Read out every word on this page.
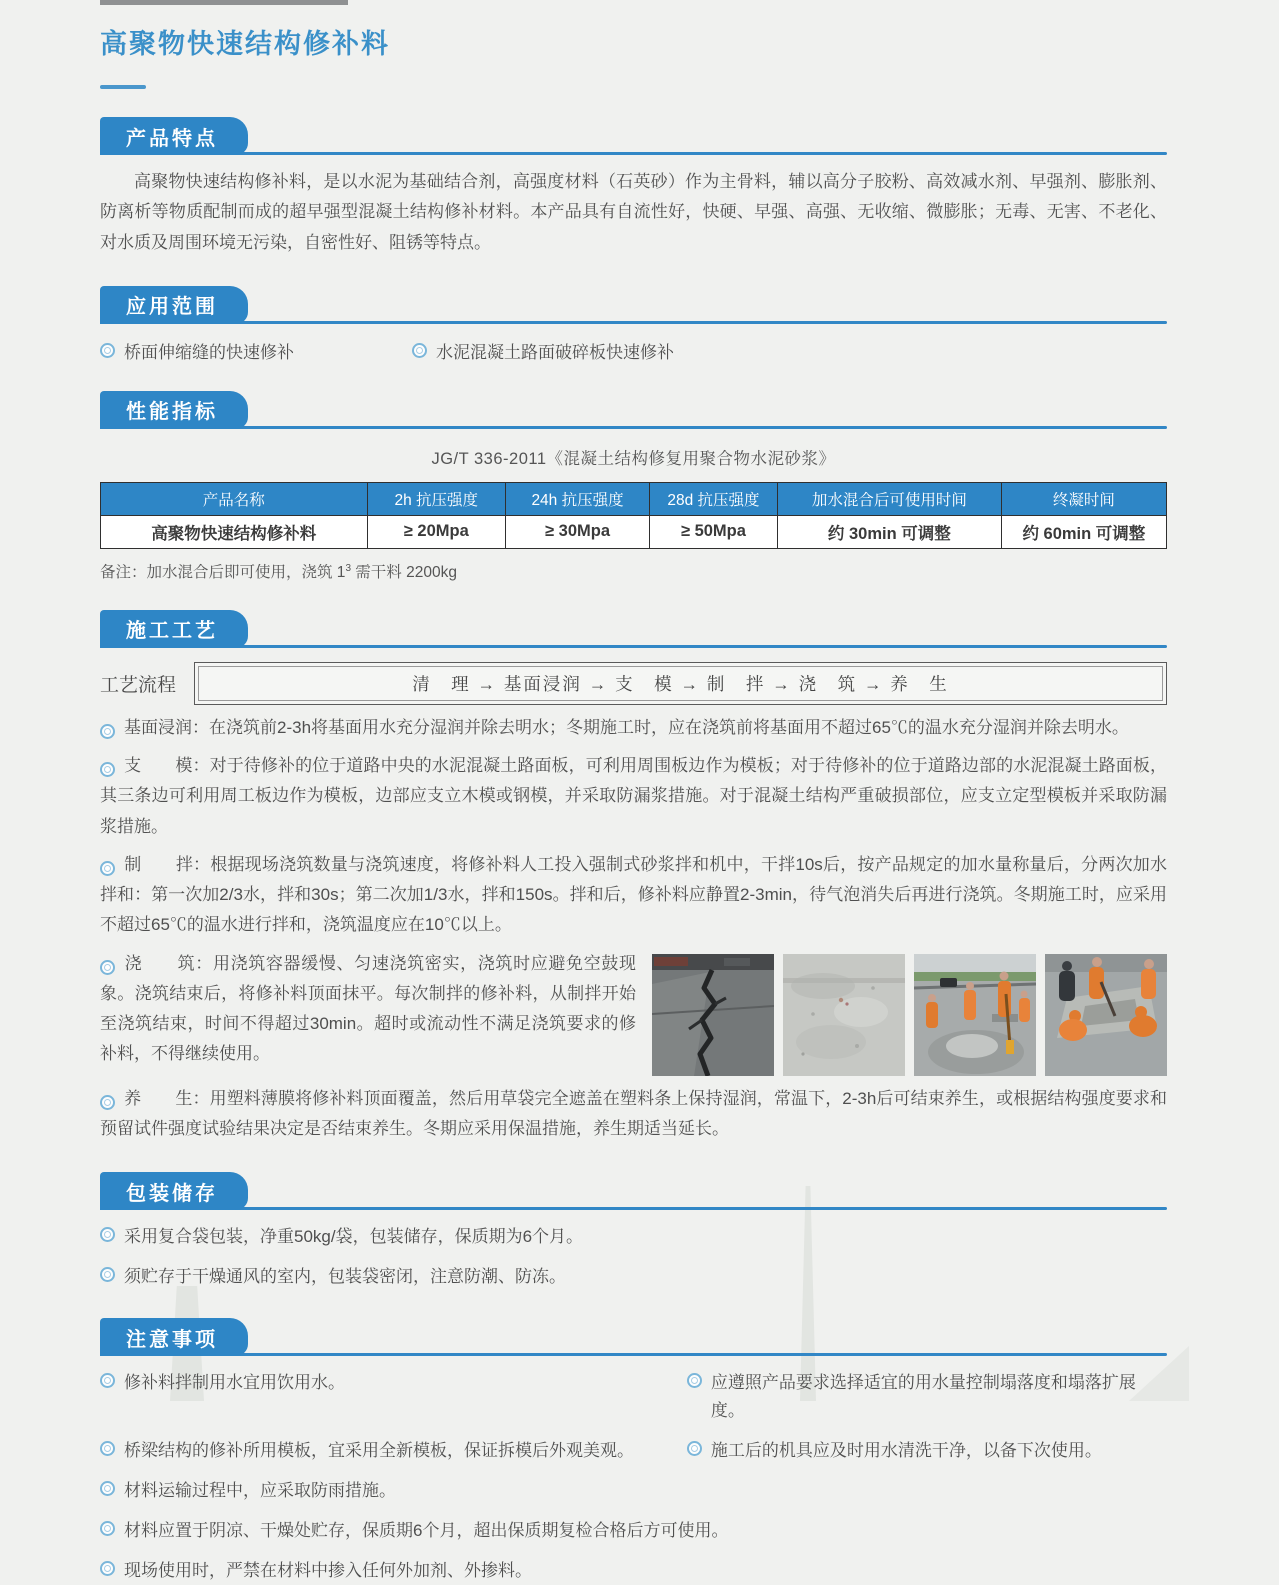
高聚物快速结构修补料
产品特点

高聚物快速结构修补料，是以水泥为基础结合剂，高强度材料（石英砂）作为主骨料，辅以高分子胶粉、高效减水剂、早强剂、膨胀剂、防离析等物质配制而成的超早强型混凝土结构修补材料。本产品具有自流性好，快硬、早强、高强、无收缩、微膨胀；无毒、无害、不老化、对水质及周围环境无污染，自密性好、阻锈等特点。

应用范围
桥面伸缩缝的快速修补	水泥混凝土路面破碎板快速修补
性能指标

JG/T 336-2011《混凝土结构修复用聚合物水泥砂浆》

产品名称	2h 抗压强度	24h 抗压强度	28d 抗压强度	加水混合后可使用时间	终凝时间
高聚物快速结构修补料	≥ 20Mpa	≥ 30Mpa	≥ 50Mpa	约 30min 可调整	约 60min 可调整

备注：加水混合后即可使用，浇筑 $1^3$ 需干料 2200kg

施工工艺
工艺流程	清　理 → 基面浸润 → 支　模 → 制　拌 → 浇　筑 → 养　生

基面浸润：在浇筑前2-3h将基面用水充分湿润并除去明水；冬期施工时，应在浇筑前将基面用不超过65℃的温水充分湿润并除去明水。

支　　模：对于待修补的位于道路中央的水泥混凝土路面板，可利用周围板边作为模板；对于待修补的位于道路边部的水泥混凝土路面板，其三条边可利用周工板边作为模板，边部应支立木模或钢模，并采取防漏浆措施。对于混凝土结构严重破损部位，应支立定型模板并采取防漏浆措施。

制　　拌：根据现场浇筑数量与浇筑速度，将修补料人工投入强制式砂浆拌和机中，干拌10s后，按产品规定的加水量称量后，分两次加水拌和：第一次加2/3水，拌和30s；第二次加1/3水，拌和150s。拌和后，修补料应静置2-3min，待气泡消失后再进行浇筑。冬期施工时，应采用不超过65℃的温水进行拌和，浇筑温度应在10℃以上。

浇　　筑：用浇筑容器缓慢、匀速浇筑密实，浇筑时应避免空鼓现象。浇筑结束后，将修补料顶面抹平。每次制拌的修补料，从制拌开始至浇筑结束，时间不得超过30min。超时或流动性不满足浇筑要求的修补料，不得继续使用。

养　　生：用塑料薄膜将修补料顶面覆盖，然后用草袋完全遮盖在塑料条上保持湿润，常温下，2-3h后可结束养生，或根据结构强度要求和预留试件强度试验结果决定是否结束养生。冬期应采用保温措施，养生期适当延长。

包装储存

采用复合袋包装，净重50kg/袋，包装储存，保质期为6个月。

须贮存于干燥通风的室内，包装袋密闭，注意防潮、防冻。

注意事项

修补料拌制用水宜用饮用水。	应遵照产品要求选择适宜的用水量控制塌落度和塌落扩展度。

桥梁结构的修补所用模板，宜采用全新模板，保证拆模后外观美观。	施工后的机具应及时用水清洗干净，以备下次使用。

材料运输过程中，应采取防雨措施。

材料应置于阴凉、干燥处贮存，保质期6个月，超出保质期复检合格后方可使用。

现场使用时，严禁在材料中掺入任何外加剂、外掺料。
